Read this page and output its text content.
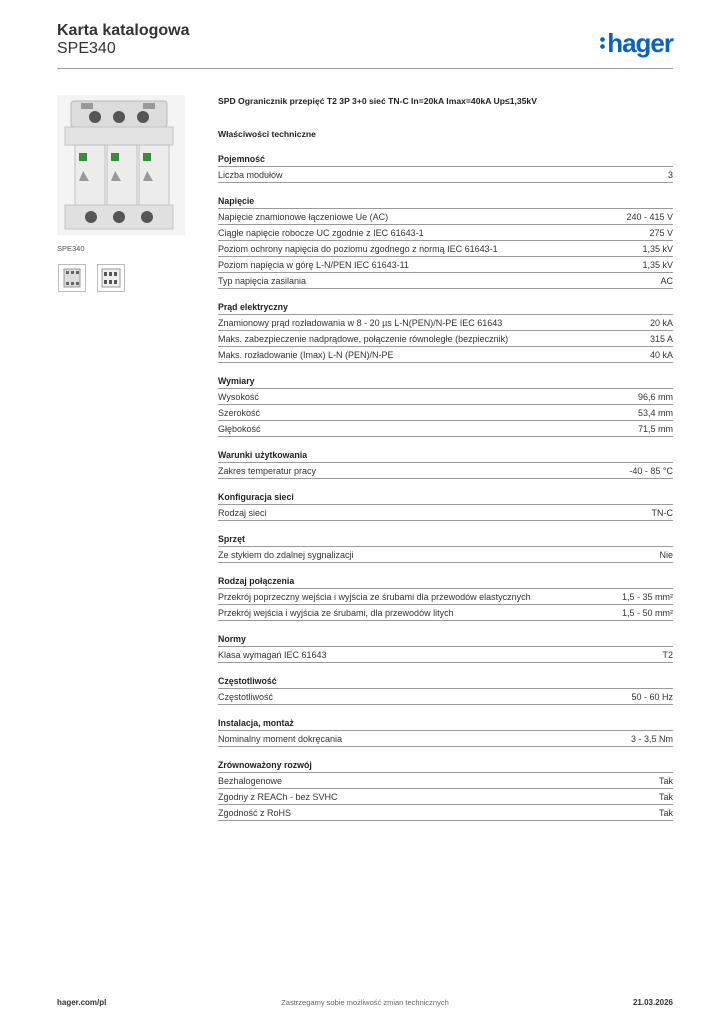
Karta katalogowa
SPE340	hager
SPE340
SPD Ogranicznik przepięć T2 3P 3+0 sieć TN-C In=20kA Imax=40kA Up≤1,35kV
Właściwości techniczne
Pojemność
Liczba modułów	3
Napięcie
Napięcie znamionowe łączeniowe Ue (AC)	240 - 415 V
Ciągłe napięcie robocze UC zgodnie z IEC 61643-1	275 V
Poziom ochrony napięcia do poziomu zgodnego z normą IEC 61643-1	1,35 kV
Poziom napięcia w górę L-N/PEN IEC 61643-11	1,35 kV
Typ napięcia zasilania	AC
Prąd elektryczny
Znamionowy prąd rozładowania w 8 - 20 µs L-N(PEN)/N-PE IEC 61643	20 kA
Maks. zabezpieczenie nadprądowe, połączenie równoległe (bezpiecznik)	315 A
Maks. rozładowanie (Imax) L-N (PEN)/N-PE	40 kA
Wymiary
Wysokość	96,6 mm
Szerokość	53,4 mm
Głębokość	71,5 mm
Warunki użytkowania
Zakres temperatur pracy	-40 - 85 °C
Konfiguracja sieci
Rodzaj sieci	TN-C
Sprzęt
Ze stykiem do zdalnej sygnalizacji	Nie
Rodzaj połączenia
Przekrój poprzeczny wejścia i wyjścia ze śrubami dla przewodów elastycznych	1,5 - 35 mm²
Przekrój wejścia i wyjścia ze śrubami, dla przewodów litych	1,5 - 50 mm²
Normy
Klasa wymagań IEC 61643	T2
Częstotliwość
Częstotliwość	50 - 60 Hz
Instalacja, montaż
Nominalny moment dokręcania	3 - 3,5 Nm
Zrównoważony rozwój
Bezhalogenowe	Tak
Zgodny z REACh - bez SVHC	Tak
Zgodność z RoHS	Tak
hager.com/pl	Zastrzegamy sobie możliwość zmian technicznych	21.03.2026
